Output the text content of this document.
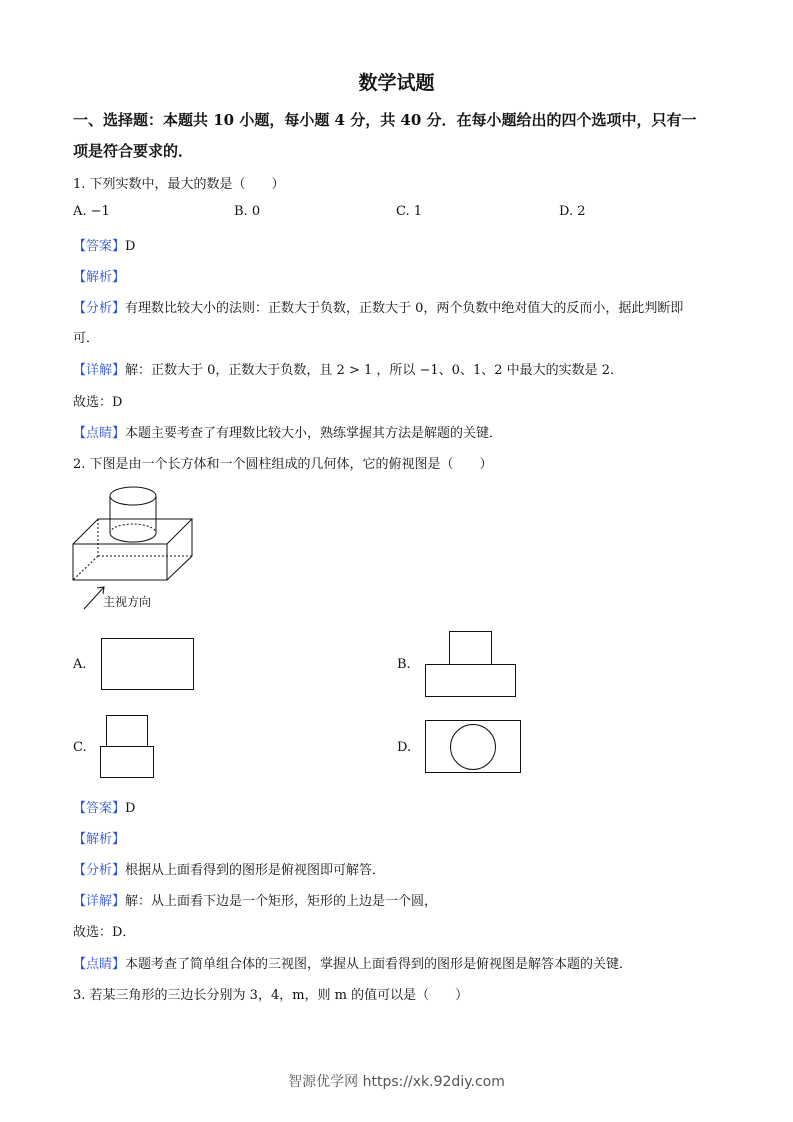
数学试题
一、选择题：本题共 10 小题，每小题 4 分，共 40 分．在每小题给出的四个选项中，只有一
项是符合要求的．
1. 下列实数中，最大的数是（　　）
A. −1	B. 0	C. 1	D. 2
【答案】D
【解析】
【分析】有理数比较大小的法则：正数大于负数，正数大于 0，两个负数中绝对值大的反而小，据此判断即
可．
【详解】解：正数大于 0，正数大于负数，且 2 > 1 ，所以 −1、0、1、2 中最大的实数是 2．
故选：D
【点睛】本题主要考查了有理数比较大小，熟练掌握其方法是解题的关键．
2. 下图是由一个长方体和一个圆柱组成的几何体，它的俯视图是（　　）
主视方向
A.	B.
C.	D.
【答案】D
【解析】
【分析】根据从上面看得到的图形是俯视图即可解答．
【详解】解：从上面看下边是一个矩形，矩形的上边是一个圆，
故选：D．
【点睛】本题考查了简单组合体的三视图，掌握从上面看得到的图形是俯视图是解答本题的关键．
3. 若某三角形的三边长分别为 3，4，m，则 m 的值可以是（　　）
智源优学网 https://xk.92diy.com
